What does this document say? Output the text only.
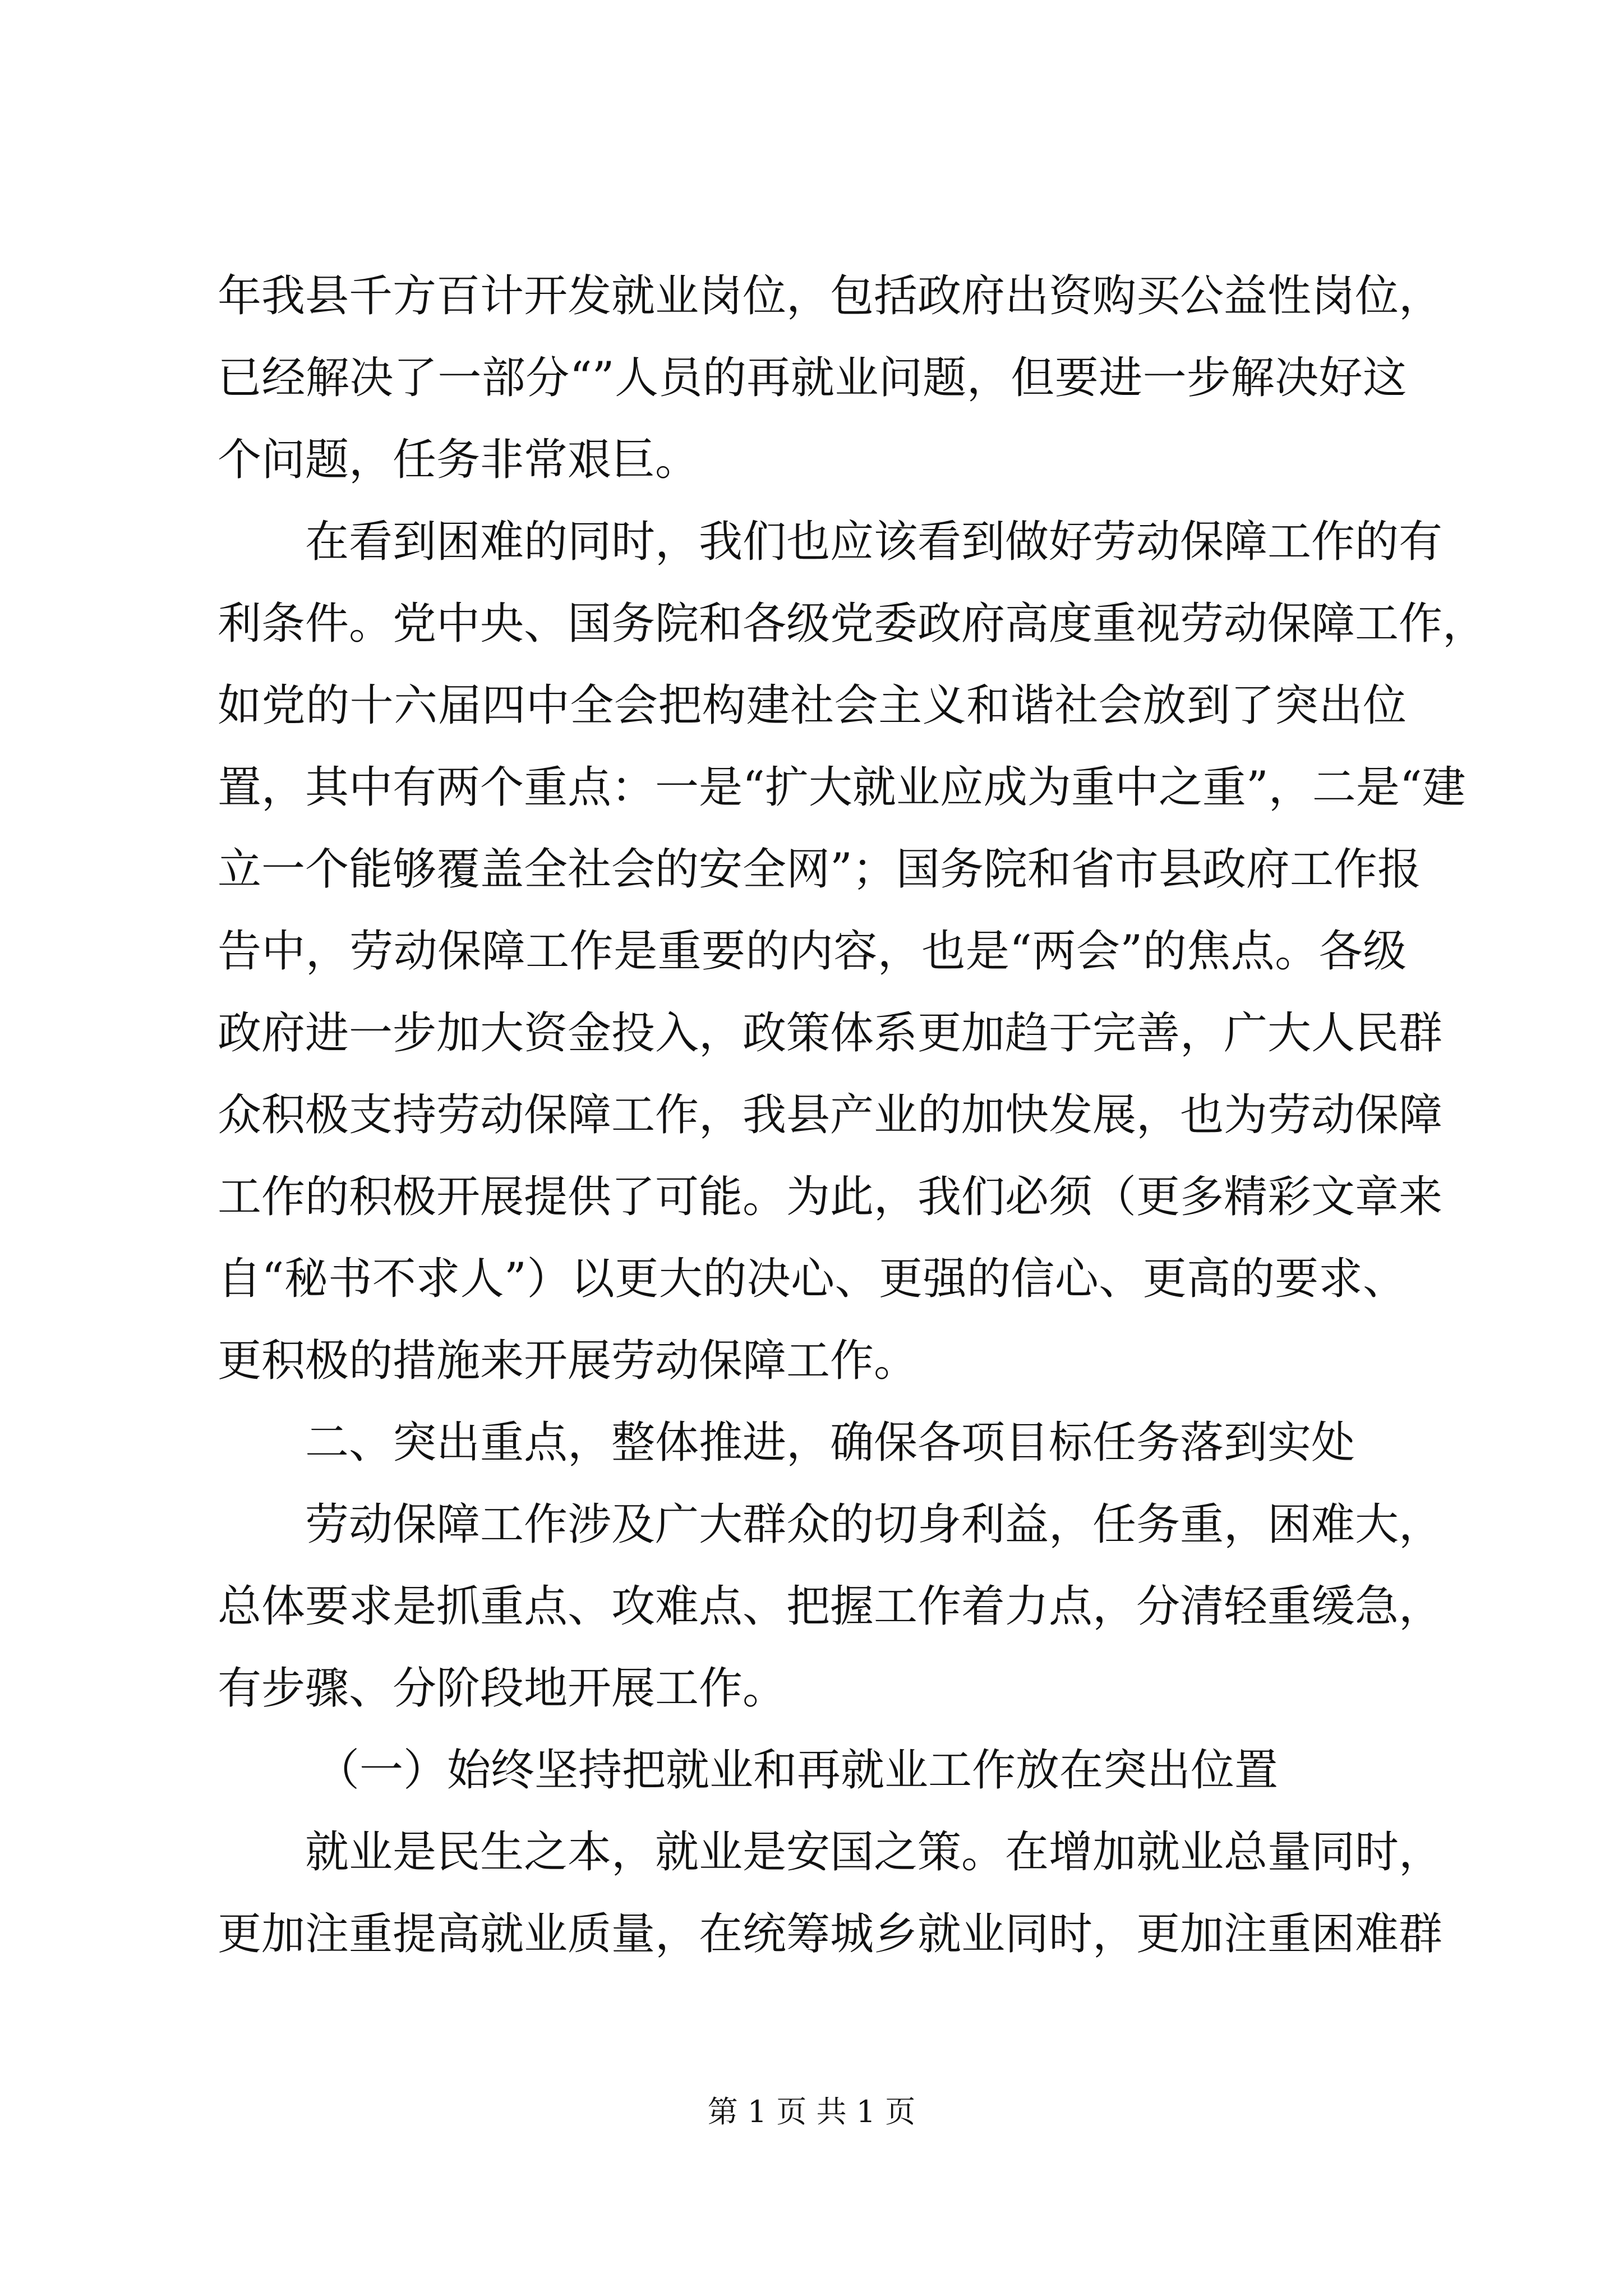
年我县千方百计开发就业岗位，包括政府出资购买公益性岗位，
已经解决了一部分“”人员的再就业问题，但要进一步解决好这
个问题，任务非常艰巨。
在看到困难的同时，我们也应该看到做好劳动保障工作的有
利条件。党中央、国务院和各级党委政府高度重视劳动保障工作，
如党的十六届四中全会把构建社会主义和谐社会放到了突出位
置，其中有两个重点：一是“扩大就业应成为重中之重”，二是“建
立一个能够覆盖全社会的安全网”；国务院和省市县政府工作报
告中，劳动保障工作是重要的内容，也是“两会”的焦点。各级
政府进一步加大资金投入，政策体系更加趋于完善，广大人民群
众积极支持劳动保障工作，我县产业的加快发展，也为劳动保障
工作的积极开展提供了可能。为此，我们必须（更多精彩文章来
自“秘书不求人”）以更大的决心、更强的信心、更高的要求、
更积极的措施来开展劳动保障工作。
二、突出重点，整体推进，确保各项目标任务落到实处
劳动保障工作涉及广大群众的切身利益，任务重，困难大，
总体要求是抓重点、攻难点、把握工作着力点，分清轻重缓急，
有步骤、分阶段地开展工作。
（一）始终坚持把就业和再就业工作放在突出位置
就业是民生之本，就业是安国之策。在增加就业总量同时，
更加注重提高就业质量，在统筹城乡就业同时，更加注重困难群
第 1 页 共 1 页
